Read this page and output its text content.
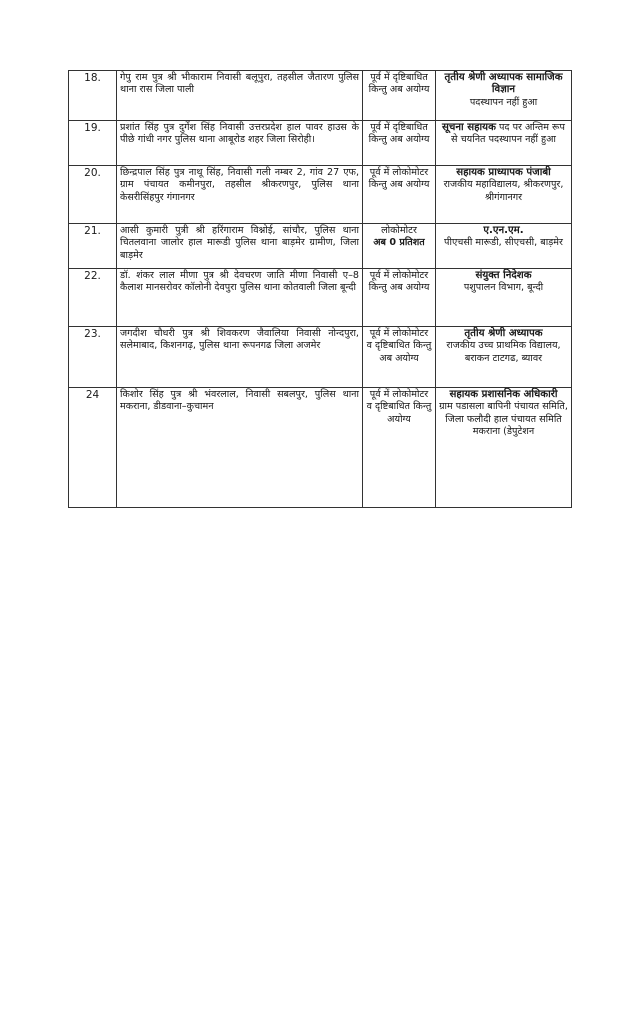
18.	गेपु राम पुत्र श्री भीकाराम निवासी बलूपुरा, तहसील जैतारण पुलिस थाना रास जिला पाली	पूर्व में दृष्टिबाधित किन्तु अब अयोग्य	तृतीय श्रेणी अध्यापक सामाजिक विज्ञान
पदस्थापन नहीं हुआ
19.	प्रशांत सिंह पुत्र दुर्गेश सिंह निवासी उत्तरप्रदेश हाल पावर हाउस के पीछे गांधी नगर पुलिस थाना आबूरोड शहर जिला सिरोही।	पूर्व में दृष्टिबाधित किन्तु अब अयोग्य	सूचना सहायक पद पर अन्तिम रूप से चयनित पदस्थापन नहीं हुआ
20.	छिन्द्रपाल सिंह पुत्र नाथू सिंह, निवासी गली नम्बर 2, गांव 27 एफ, ग्राम पंचायत कमीनपुरा, तहसील श्रीकरणपुर, पुलिस थाना केसरीसिंहपुर गंगानगर	पूर्व में लोकोमोटर किन्तु अब अयोग्य	सहायक प्राध्यापक पंजाबी
राजकीय महाविद्यालय, श्रीकरणपुर, श्रीगंगानगर
21.	आसी कुमारी पुत्री श्री हरिंगाराम विश्नोई, सांचौर, पुलिस थाना चितलवाना जालोर हाल मारूडी पुलिस थाना बाड़मेर ग्रामीण, जिला बाड़मेर	लोकोमोटर
अब 0 प्रतिशत	ए.एन.एम.
पीएचसी मारूडी, सीएचसी, बाड़मेर
22.	डॉ. शंकर लाल मीणा पुत्र श्री देवचरण जाति मीणा निवासी ए–8 कैलाश मानसरोवर कॉलोनी देवपुरा पुलिस थाना कोतवाली जिला बून्दी	पूर्व में लोकोमोटर किन्तु अब अयोग्य	संयुक्त निदेशक
पशुपालन विभाग, बून्दी
23.	जगदीश चौधरी पुत्र श्री शिवकरण जैवालिया निवासी नोन्दपुरा, सलेमाबाद, किशनगढ़, पुलिस थाना रूपनगढ जिला अजमेर	पूर्व में लोकोमोटर व दृष्टिबाधित किन्तु अब अयोग्य	तृतीय श्रेणी अध्यापक
राजकीय उच्च प्राथमिक विद्यालय, बराकन टाटगढ, ब्यावर
24	किशोर सिंह पुत्र श्री भंवरलाल, निवासी सबलपुर, पुलिस थाना मकराना, डीडवाना–कुचामन	पूर्व में लोकोमोटर व दृष्टिबाधित किन्तु अयोग्य	सहायक प्रशासनिक अधिकारी
ग्राम पडासला बापिनी पंचायत समिति, जिला फलौदी हाल पंचायत समिति मकराना (डेपुटेशन
